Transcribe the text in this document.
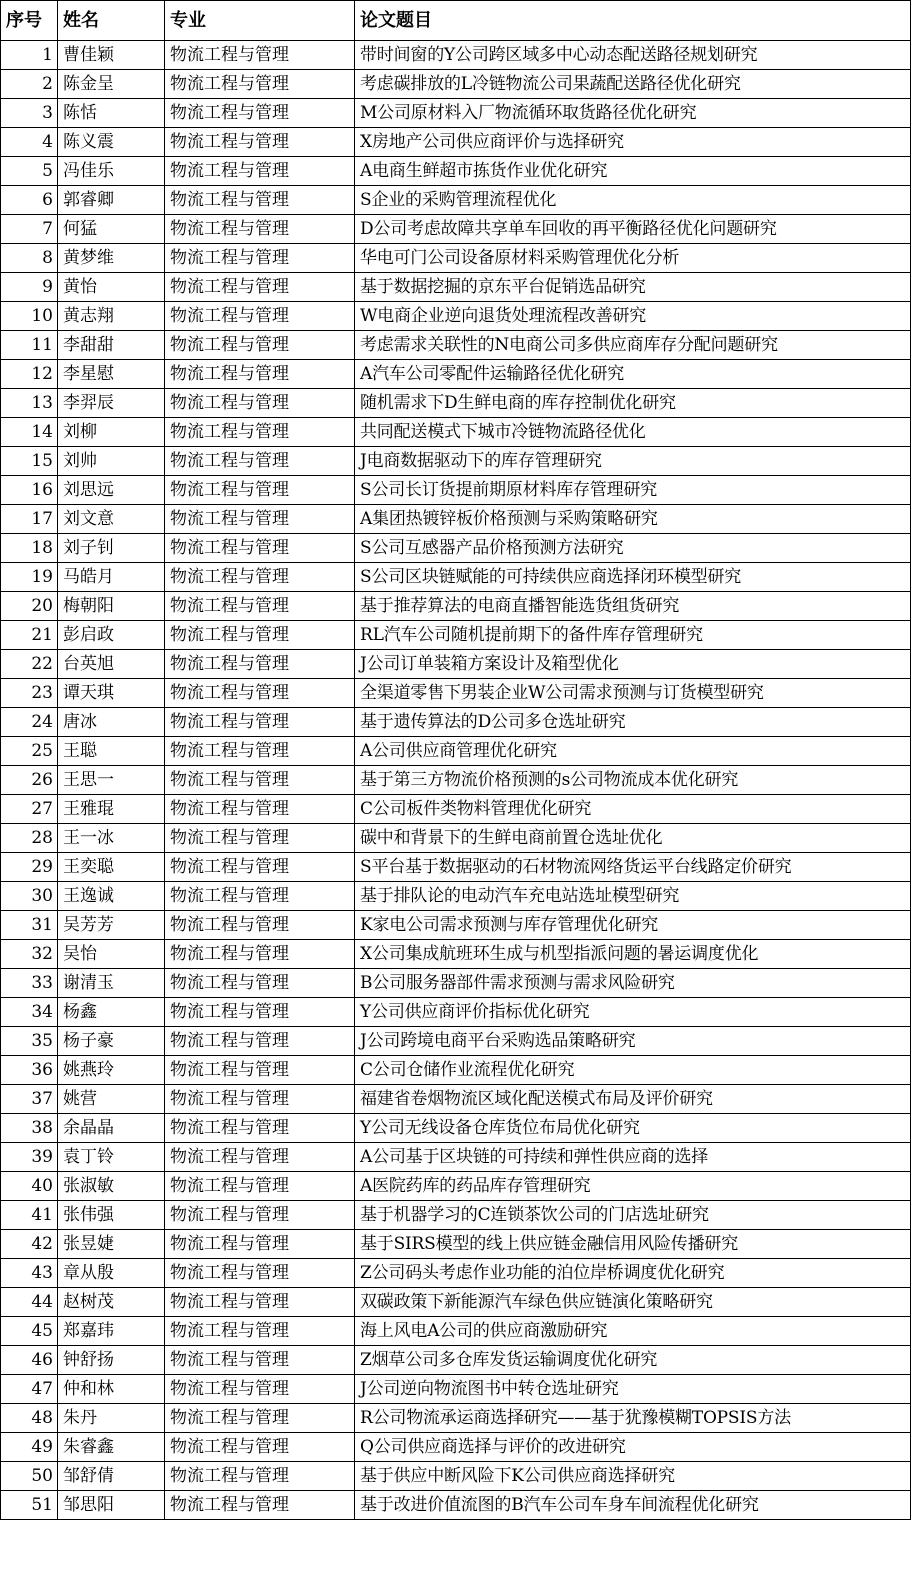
序号	姓名	专业	论文题目
1	曹佳颖	物流工程与管理	带时间窗的Y公司跨区域多中心动态配送路径规划研究
2	陈金呈	物流工程与管理	考虑碳排放的L冷链物流公司果蔬配送路径优化研究
3	陈恬	物流工程与管理	M公司原材料入厂物流循环取货路径优化研究
4	陈义震	物流工程与管理	X房地产公司供应商评价与选择研究
5	冯佳乐	物流工程与管理	A电商生鲜超市拣货作业优化研究
6	郭睿卿	物流工程与管理	S企业的采购管理流程优化
7	何猛	物流工程与管理	D公司考虑故障共享单车回收的再平衡路径优化问题研究
8	黄梦维	物流工程与管理	华电可门公司设备原材料采购管理优化分析
9	黄怡	物流工程与管理	基于数据挖掘的京东平台促销选品研究
10	黄志翔	物流工程与管理	W电商企业逆向退货处理流程改善研究
11	李甜甜	物流工程与管理	考虑需求关联性的N电商公司多供应商库存分配问题研究
12	李星慰	物流工程与管理	A汽车公司零配件运输路径优化研究
13	李羿辰	物流工程与管理	随机需求下D生鲜电商的库存控制优化研究
14	刘柳	物流工程与管理	共同配送模式下城市冷链物流路径优化
15	刘帅	物流工程与管理	J电商数据驱动下的库存管理研究
16	刘思远	物流工程与管理	S公司长订货提前期原材料库存管理研究
17	刘文意	物流工程与管理	A集团热镀锌板价格预测与采购策略研究
18	刘子钊	物流工程与管理	S公司互感器产品价格预测方法研究
19	马皓月	物流工程与管理	S公司区块链赋能的可持续供应商选择闭环模型研究
20	梅朝阳	物流工程与管理	基于推荐算法的电商直播智能选货组货研究
21	彭启政	物流工程与管理	RL汽车公司随机提前期下的备件库存管理研究
22	台英旭	物流工程与管理	J公司订单装箱方案设计及箱型优化
23	谭天琪	物流工程与管理	全渠道零售下男装企业W公司需求预测与订货模型研究
24	唐冰	物流工程与管理	基于遗传算法的D公司多仓选址研究
25	王聪	物流工程与管理	A公司供应商管理优化研究
26	王思一	物流工程与管理	基于第三方物流价格预测的s公司物流成本优化研究
27	王雅琨	物流工程与管理	C公司板件类物料管理优化研究
28	王一冰	物流工程与管理	碳中和背景下的生鲜电商前置仓选址优化
29	王奕聪	物流工程与管理	S平台基于数据驱动的石材物流网络货运平台线路定价研究
30	王逸诚	物流工程与管理	基于排队论的电动汽车充电站选址模型研究
31	吴芳芳	物流工程与管理	K家电公司需求预测与库存管理优化研究
32	吴怡	物流工程与管理	X公司集成航班环生成与机型指派问题的暑运调度优化
33	谢清玉	物流工程与管理	B公司服务器部件需求预测与需求风险研究
34	杨鑫	物流工程与管理	Y公司供应商评价指标优化研究
35	杨子豪	物流工程与管理	J公司跨境电商平台采购选品策略研究
36	姚燕玲	物流工程与管理	C公司仓储作业流程优化研究
37	姚营	物流工程与管理	福建省卷烟物流区域化配送模式布局及评价研究
38	余晶晶	物流工程与管理	Y公司无线设备仓库货位布局优化研究
39	袁丁铃	物流工程与管理	A公司基于区块链的可持续和弹性供应商的选择
40	张淑敏	物流工程与管理	A医院药库的药品库存管理研究
41	张伟强	物流工程与管理	基于机器学习的C连锁茶饮公司的门店选址研究
42	张昱婕	物流工程与管理	基于SIRS模型的线上供应链金融信用风险传播研究
43	章从殷	物流工程与管理	Z公司码头考虑作业功能的泊位岸桥调度优化研究
44	赵树茂	物流工程与管理	双碳政策下新能源汽车绿色供应链演化策略研究
45	郑嘉玮	物流工程与管理	海上风电A公司的供应商激励研究
46	钟舒扬	物流工程与管理	Z烟草公司多仓库发货运输调度优化研究
47	仲和林	物流工程与管理	J公司逆向物流图书中转仓选址研究
48	朱丹	物流工程与管理	R公司物流承运商选择研究——基于犹豫模糊TOPSIS方法
49	朱睿鑫	物流工程与管理	Q公司供应商选择与评价的改进研究
50	邹舒倩	物流工程与管理	基于供应中断风险下K公司供应商选择研究
51	邹思阳	物流工程与管理	基于改进价值流图的B汽车公司车身车间流程优化研究
